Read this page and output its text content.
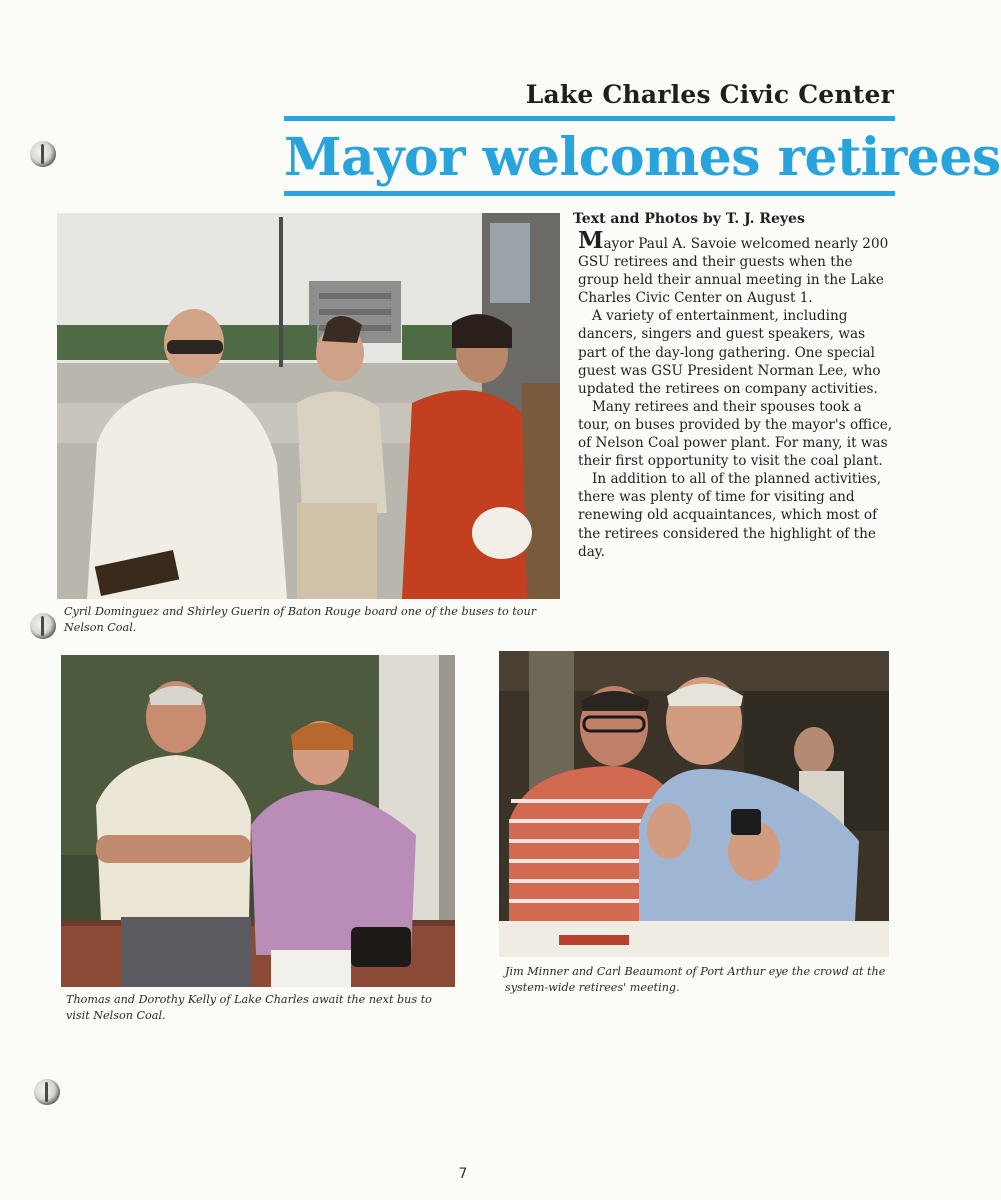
Lake Charles Civic Center
Mayor welcomes retirees
Cyril Dominguez and Shirley Guerin of Baton Rouge board one of the buses to tour Nelson Coal.
Text and Photos by T. J. Reyes

Mayor Paul A. Savoie welcomed nearly 200 GSU retirees and their guests when the group held their annual meeting in the Lake Charles Civic Center on August 1.

A variety of entertainment, including dancers, singers and guest speakers, was part of the day-long gathering. One special guest was GSU President Norman Lee, who updated the retirees on company activities.

Many retirees and their spouses took a tour, on buses provided by the mayor's office, of Nelson Coal power plant. For many, it was their first opportunity to visit the coal plant.

In addition to all of the planned activities, there was plenty of time for visiting and renewing old acquaintances, which most of the retirees considered the highlight of the day.

Thomas and Dorothy Kelly of Lake Charles await the next bus to visit Nelson Coal.
Jim Minner and Carl Beaumont of Port Arthur eye the crowd at the system-wide retirees' meeting.
7
